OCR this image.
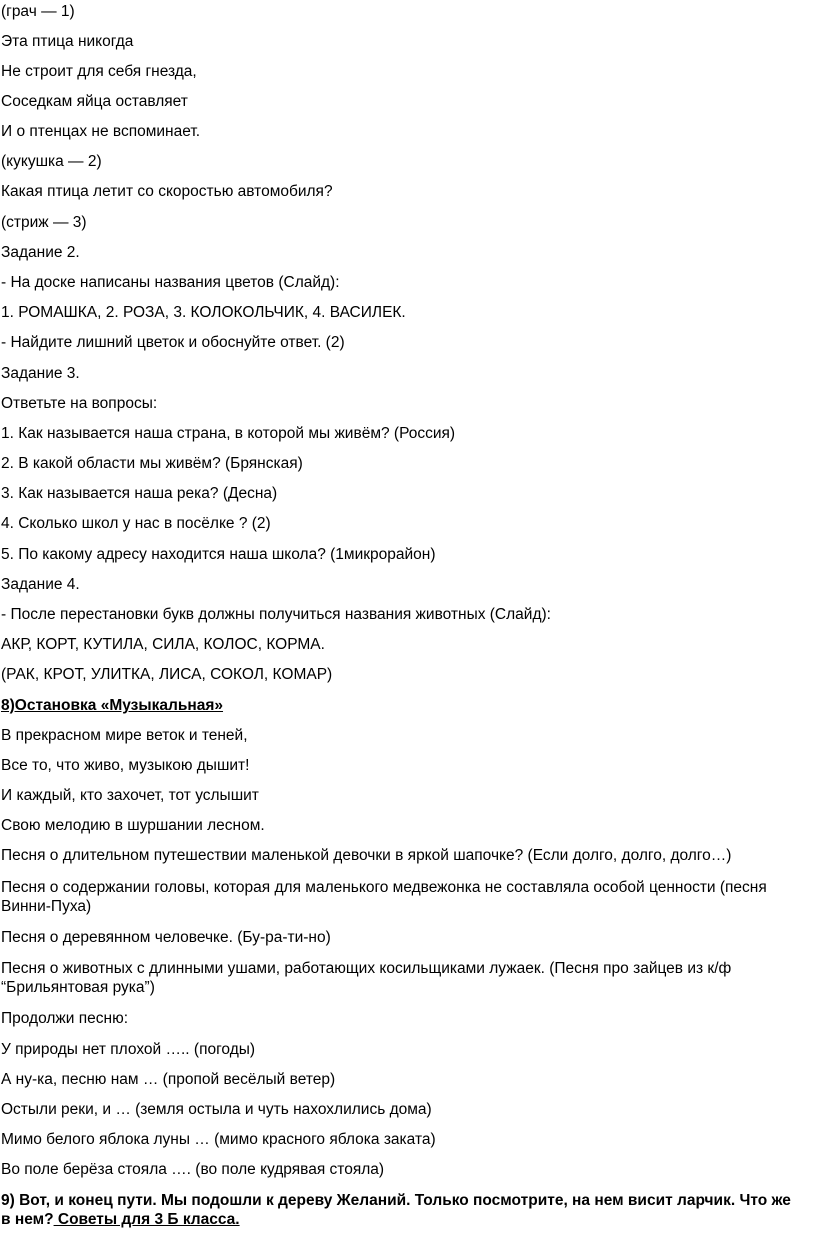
(грач — 1)
Эта птица никогда
Не строит для себя гнезда,
Соседкам яйца оставляет
И о птенцах не вспоминает.
(кукушка — 2)
Какая птица летит со скоростью автомобиля?
(стриж — 3)
Задание 2.
- На доске написаны названия цветов (Слайд):
1. РОМАШКА, 2. РОЗА, 3. КОЛОКОЛЬЧИК, 4. ВАСИЛЕК.
- Найдите лишний цветок и обоснуйте ответ. (2)
Задание 3.
Ответьте на вопросы:
1. Как называется наша страна, в которой мы живём? (Россия)
2. В какой области мы живём? (Брянская)
3. Как называется наша река? (Десна)
4. Сколько школ у нас в посёлке ? (2)
5. По какому адресу находится наша школа? (1микрорайон)
Задание 4.
- После перестановки букв должны получиться названия животных (Слайд):
АКР, КОРТ, КУТИЛА, СИЛА, КОЛОС, КОРМА.
(РАК, КРОТ, УЛИТКА, ЛИСА, СОКОЛ, КОМАР)
8)Остановка «Музыкальная»
В прекрасном мире веток и теней,
Все то, что живо, музыкою дышит!
И каждый, кто захочет, тот услышит
Свою мелодию в шуршании лесном.
Песня о длительном путешествии маленькой девочки в яркой шапочке? (Если долго, долго, долго…)
Песня о содержании головы, которая для маленького медвежонка не составляла особой ценности (песня Винни-Пуха)
Песня о деревянном человечке. (Бу-ра-ти-но)
Песня о животных с длинными ушами, работающих косильщиками лужаек. (Песня про зайцев из к/ф “Брильянтовая рука”)
Продолжи песню:
У природы нет плохой ….. (погоды)
А ну-ка, песню нам … (пропой весёлый ветер)
Остыли реки, и … (земля остыла и чуть нахохлились дома)
Мимо белого яблока луны … (мимо красного яблока заката)
Во поле берёза стояла …. (во поле кудрявая стояла)
9) Вот, и конец пути. Мы подошли к дереву Желаний. Только посмотрите, на нем висит ларчик. Что же в нем? Советы для 3 Б класса.
